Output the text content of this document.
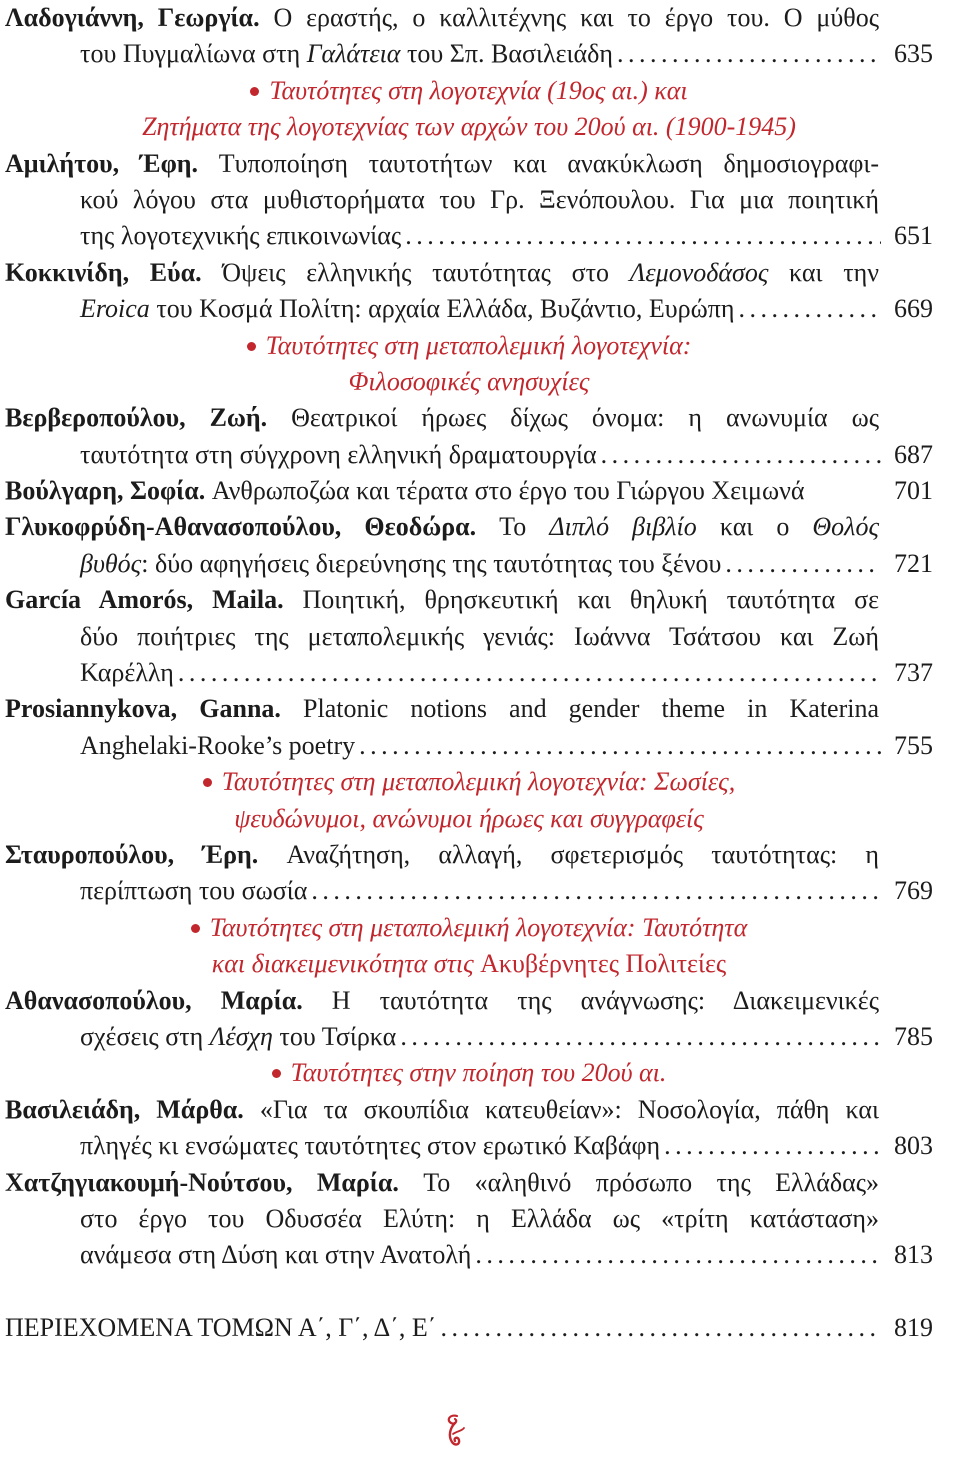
Λαδογιάννη, Γεωργία. Ο εραστής, ο καλλιτέχνης και το έργο του. Ο μύθος
του Πυγμαλίωνα στη Γαλάτεια του Σπ. Βασιλειάδη . . .	635
Ταυτότητες στη λογοτεχνία (19ος αι.) και
Ζητήματα της λογοτεχνίας των αρχών του 20ού αι. (1900-1945)
Αμιλήτου, Έφη. Τυποποίηση ταυτοτήτων και ανακύκλωση δημοσιογραφι-
κού λόγου στα μυθιστορήματα του Γρ. Ξενόπουλου. Για μια ποιητική
της λογοτεχνικής επικοινωνίας . . .	651
Κοκκινίδη, Εύα. Όψεις ελληνικής ταυτότητας στο Λεμονοδάσος και την
Eroica του Κοσμά Πολίτη: αρχαία Ελλάδα, Βυζάντιο, Ευρώπη . . .	669
Ταυτότητες στη μεταπολεμική λογοτεχνία:
Φιλοσοφικές ανησυχίες
Βερβεροπούλου, Ζωή. Θεατρικοί ήρωες δίχως όνομα: η ανωνυμία ως
ταυτότητα στη σύγχρονη ελληνική δραματουργία . . .	687
Βούλγαρη, Σοφία. Ανθρωποζώα και τέρατα στο έργο του Γιώργου Χειμωνά	701
Γλυκοφρύδη-Αθανασοπούλου, Θεοδώρα. Το Διπλό βιβλίο και ο Θολός
βυθός: δύο αφηγήσεις διερεύνησης της ταυτότητας του ξένου . . .	721
García Amorós, Maila. Ποιητική, θρησκευτική και θηλυκή ταυτότητα σε
δύο ποιήτριες της μεταπολεμικής γενιάς: Ιωάννα Τσάτσου και Ζωή
Καρέλλη . . .	737
Prosiannykova, Ganna. Platonic notions and gender theme in Katerina
Anghelaki-Rooke’s poetry . . .	755
Ταυτότητες στη μεταπολεμική λογοτεχνία: Σωσίες,
ψευδώνυμοι, ανώνυμοι ήρωες και συγγραφείς
Σταυροπούλου, Έρη. Αναζήτηση, αλλαγή, σφετερισμός ταυτότητας: η
περίπτωση του σωσία . . .	769
Ταυτότητες στη μεταπολεμική λογοτεχνία: Ταυτότητα
και διακειμενικότητα στις Ακυβέρνητες Πολιτείες
Αθανασοπούλου, Μαρία. Η ταυτότητα της ανάγνωσης: Διακειμενικές
σχέσεις στη Λέσχη του Τσίρκα . . .	785
Ταυτότητες στην ποίηση του 20ού αι.
Βασιλειάδη, Μάρθα. «Για τα σκουπίδια κατευθείαν»: Νοσολογία, πάθη και
πληγές κι ενσώματες ταυτότητες στον ερωτικό Καβάφη . . .	803
Χατζηγιακουμή-Νούτσου, Μαρία. Το «αληθινό πρόσωπο της Ελλάδας»
στο έργο του Οδυσσέα Ελύτη: η Ελλάδα ως «τρίτη κατάσταση»
ανάμεσα στη Δύση και στην Ανατολή . . .	813
ΠΕΡΙΕΧΟΜΕΝΑ ΤΟΜΩΝ Α΄, Γ΄, Δ΄, Ε΄ . . .	819
